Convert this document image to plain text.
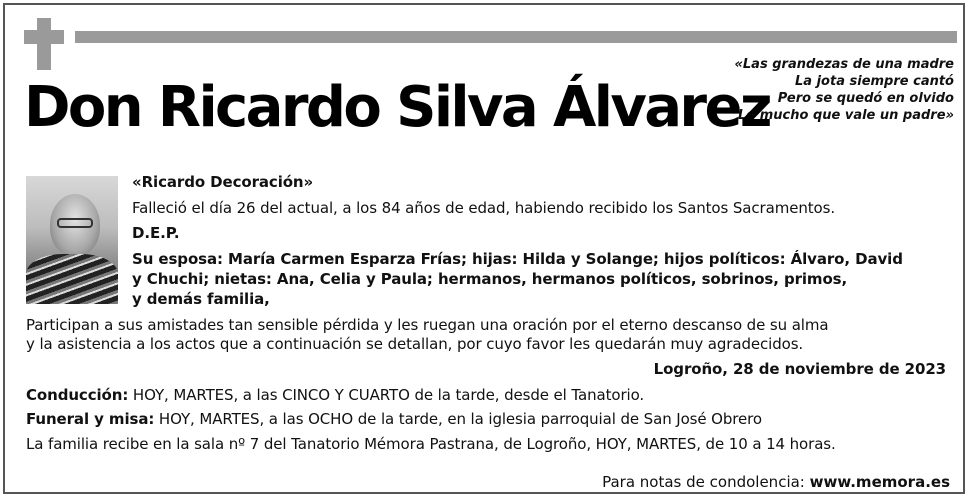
«Las grandezas de una madre
La jota siempre cantó
Pero se quedó en olvido
Lo mucho que vale un padre»
Don Ricardo Silva Álvarez
«Ricardo Decoración»
Falleció el día 26 del actual, a los 84 años de edad, habiendo recibido los Santos Sacramentos.
D.E.P.
Su esposa: María Carmen Esparza Frías; hijas: Hilda y Solange; hijos políticos: Álvaro, David
y Chuchi; nietas: Ana, Celia y Paula; hermanos, hermanos políticos, sobrinos, primos,
y demás familia,
Participan a sus amistades tan sensible pérdida y les ruegan una oración por el eterno descanso de su alma
y la asistencia a los actos que a continuación se detallan, por cuyo favor les quedarán muy agradecidos.
Logroño, 28 de noviembre de 2023
Conducción: HOY, MARTES, a las CINCO Y CUARTO de la tarde, desde el Tanatorio.
Funeral y misa: HOY, MARTES, a las OCHO de la tarde, en la iglesia parroquial de San José Obrero
La familia recibe en la sala nº 7 del Tanatorio Mémora Pastrana, de Logroño, HOY, MARTES, de 10 a 14 horas.
Para notas de condolencia: www.memora.es
